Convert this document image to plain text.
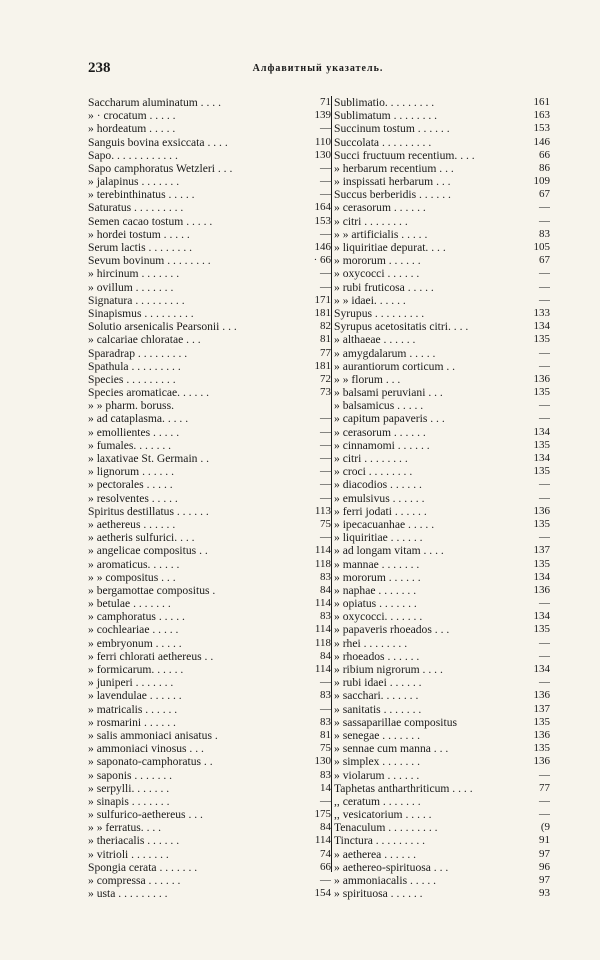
238	Алфавитный указатель.
Saccharum aluminatum . . . .	71
» · crocatum . . . . .	139
» hordeatum . . . . .	—
Sanguis bovina exsiccata . . . .	110
Sapo. . . . . . . . . . . .	130
Sapo camphoratus Wetzleri . . .	—
» jalapinus . . . . . . .	—
» terebinthinatus . . . . .	—
Saturatus . . . . . . . . .	164
Semen cacao tostum . . . . .	153
» hordei tostum . . . . .	—
Serum lactis . . . . . . . .	146
Sevum bovinum . . . . . . . .	· 66
» hircinum . . . . . . .	—
» ovillum . . . . . . .	—
Signatura . . . . . . . . .	171
Sinapismus . . . . . . . . .	181
Solutio arsenicalis Pearsonii . . .	82
» calcariae chloratae . . .	81
Sparadrap . . . . . . . . .	77
Spathula . . . . . . . . .	181
Species . . . . . . . . .	72
Species aromaticae. . . . . .	73
» » pharm. boruss.
» ad cataplasma. . . . .	—
» emollientes . . . . .	—
» fumales. . . . . . .	—
» laxativae St. Germain . .	—
» lignorum . . . . . .	—
» pectorales . . . . .	—
» resolventes . . . . .	—
Spiritus destillatus . . . . . .	113
» aethereus . . . . . .	75
» aetheris sulfurici. . . .	—
» angelicae compositus . .	114
» aromaticus. . . . . .	118
» » compositus . . .	83
» bergamottae compositus .	84
» betulae . . . . . . .	114
» camphoratus . . . . .	83
» cochleariae . . . . .	114
» embryonum . . . . .	118
» ferri chlorati aethereus . .	84
» formicarum. . . . . .	114
» juniperi . . . . . . .	—
» lavendulae . . . . . .	83
» matricalis . . . . . .	—
» rosmarini . . . . . .	83
» salis ammoniaci anisatus .	81
» ammoniaci vinosus . . .	75
» saponato-camphoratus . .	130
» saponis . . . . . . .	83
» serpylli. . . . . . .	14
» sinapis . . . . . . .	—
» sulfurico-aethereus . . .	175
» » ferratus. . . .	84
» theriacalis . . . . . .	114
» vitrioli . . . . . . .	74
Spongia cerata . . . . . . .	66
» compressa . . . . . .	—
» usta . . . . . . . . .	154
Sublimatio. . . . . . . . .	161
Sublimatum . . . . . . . .	163
Succinum tostum . . . . . .	153
Succolata . . . . . . . . .	146
Succi fructuum recentium. . . .	66
» herbarum recentium . . .	86
» inspissati herbarum . . .	109
Succus berberidis . . . . . .	67
» cerasorum . . . . . .	—
» citri . . . . . . . .	—
» » artificialis . . . . .	83
» liquiritiae depurat. . . .	105
» mororum . . . . . .	67
» oxycocci . . . . . .	—
» rubi fruticosa . . . . .	—
» » idaei. . . . . .	—
Syrupus . . . . . . . . .	133
Syrupus acetositatis citri. . . .	134
» althaeae . . . . . .	135
» amygdalarum . . . . .	—
» aurantiorum corticum . .	—
» » florum . . .	136
» balsami peruviani . . .	135
» balsamicus . . . . .	—
» capitum papaveris . . .	—
» cerasorum . . . . . .	134
» cinnamomi . . . . . .	135
» citri . . . . . . . .	134
» croci . . . . . . . .	135
» diacodios . . . . . .	—
» emulsivus . . . . . .	—
» ferri jodati . . . . . .	136
» ipecacuanhae . . . . .	135
» liquiritiae . . . . . .	—
» ad longam vitam . . . .	137
» mannae . . . . . . .	135
» mororum . . . . . .	134
» naphae . . . . . . .	136
» opiatus . . . . . . .	—
» oxycocci. . . . . . .	134
» papaveris rhoeados . . .	135
» rhei . . . . . . . .	—
» rhoeados . . . . . .	—
» ribium nigrorum . . . .	134
» rubi idaei . . . . . .	—
» sacchari. . . . . . .	136
» sanitatis . . . . . . .	137
» sassaparillae compositus	135
» senegae . . . . . . .	136
» sennae cum manna . . .	135
» simplex . . . . . . .	136
» violarum . . . . . .	—
Taphetas antharthriticum . . . .	77
,, ceratum . . . . . . .	—
,, vesicatorium . . . . .	—
Tenaculum . . . . . . . . .	(9
Tinctura . . . . . . . . .	91
» aetherea . . . . . .	97
» aethereo-spirituosa . . .	96
» ammoniacalis . . . . .	97
» spirituosa . . . . . .	93
